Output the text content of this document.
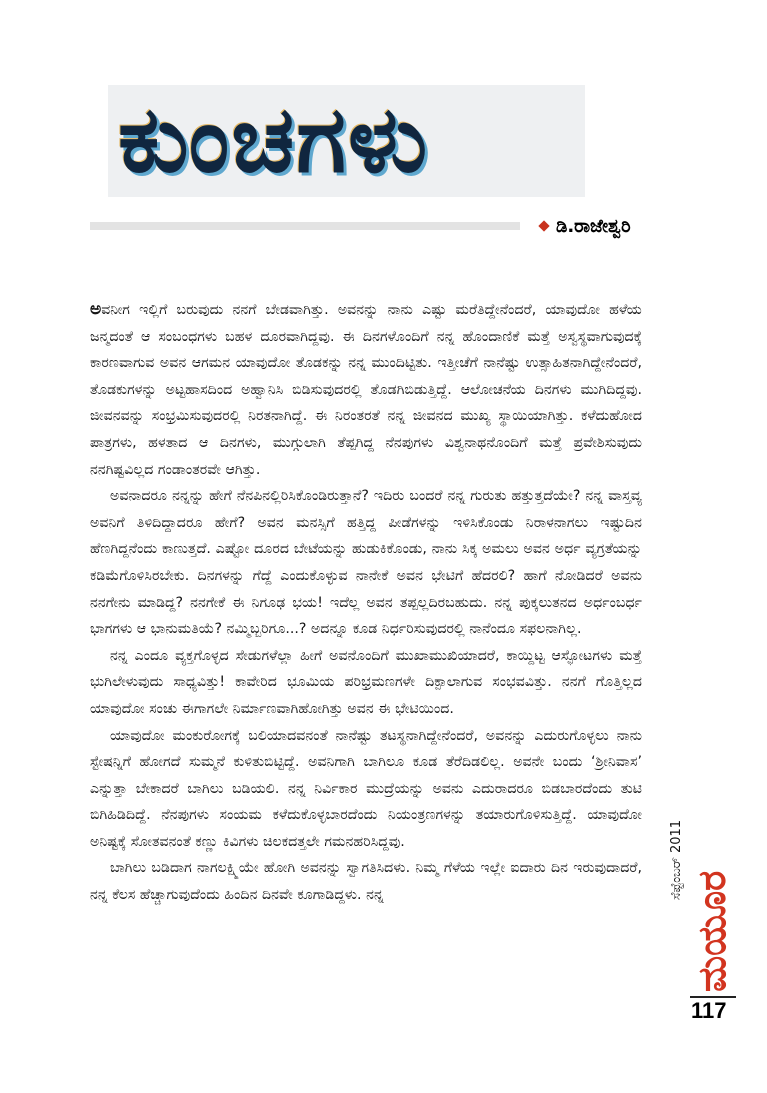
ಕುಂಚಗಳು
ಡಿ.ರಾಜೇಶ್ವರಿ

ಅವನೀಗ ಇಲ್ಲಿಗೆ ಬರುವುದು ನನಗೆ ಬೇಡವಾಗಿತ್ತು. ಅವನನ್ನು ನಾನು ಎಷ್ಟು ಮರೆತಿದ್ದೇನೆಂದರೆ, ಯಾವುದೋ ಹಳೆಯ ಜನ್ಮದಂತೆ ಆ ಸಂಬಂಧಗಳು ಬಹಳ ದೂರವಾಗಿದ್ದವು. ಈ ದಿನಗಳೊಂದಿಗೆ ನನ್ನ ಹೊಂದಾಣಿಕೆ ಮತ್ತೆ ಅಸ್ವಸ್ಥವಾಗುವುದಕ್ಕೆ ಕಾರಣವಾಗುವ ಅವನ ಆಗಮನ ಯಾವುದೋ ತೊಡಕನ್ನು ನನ್ನ ಮುಂದಿಟ್ಟಿತು. ಇತ್ತೀಚೆಗೆ ನಾನೆಷ್ಟು ಉತ್ಸಾಹಿತನಾಗಿದ್ದೇನೆಂದರೆ, ತೊಡಕುಗಳನ್ನು ಅಟ್ಟಹಾಸದಿಂದ ಅಹ್ವಾನಿಸಿ ಬಿಡಿಸುವುದರಲ್ಲಿ ತೊಡಗಿಬಿಡುತ್ತಿದ್ದೆ. ಆಲೋಚನೆಯ ದಿನಗಳು ಮುಗಿದಿದ್ದವು. ಜೀವನವನ್ನು ಸಂಭ್ರಮಿಸುವುದರಲ್ಲಿ ನಿರತನಾಗಿದ್ದೆ. ಈ ನಿರಂತರತೆ ನನ್ನ ಜೀವನದ ಮುಖ್ಯ ಸ್ಥಾಯಿಯಾಗಿತ್ತು. ಕಳೆದುಹೋದ ಪಾತ್ರಗಳು, ಹಳತಾದ ಆ ದಿನಗಳು, ಮುಗ್ಗುಲಾಗಿ ತೆಪ್ಪಗಿದ್ದ ನೆನಪುಗಳು ವಿಶ್ವನಾಥನೊಂದಿಗೆ ಮತ್ತೆ ಪ್ರವೇಶಿಸುವುದು ನನಗಿಷ್ಟವಿಲ್ಲದ ಗಂಡಾಂತರವೇ ಆಗಿತ್ತು.

ಅವನಾದರೂ ನನ್ನನ್ನು ಹೇಗೆ ನೆನಪಿನಲ್ಲಿರಿಸಿಕೊಂಡಿರುತ್ತಾನೆ? ಇದಿರು ಬಂದರೆ ನನ್ನ ಗುರುತು ಹತ್ತುತ್ತದೆಯೇ? ನನ್ನ ವಾಸ್ತವ್ಯ ಅವನಿಗೆ ತಿಳಿದಿದ್ದಾದರೂ ಹೇಗೆ? ಅವನ ಮನಸ್ಸಿಗೆ ಹತ್ತಿದ್ದ ಪೀಡೆಗಳನ್ನು ಇಳಿಸಿಕೊಂಡು ನಿರಾಳನಾಗಲು ಇಷ್ಟುದಿನ ಹೆಣಗಿದ್ದನೆಂದು ಕಾಣುತ್ತದೆ. ಎಷ್ಟೋ ದೂರದ ಬೇಟೆಯನ್ನು ಹುಡುಕಿಕೊಂಡು, ನಾನು ಸಿಕ್ಕ ಅಮಲು ಅವನ ಅರ್ಧ ವ್ಯಗ್ರತೆಯನ್ನು ಕಡಿಮೆಗೊಳಿಸಿರಬೇಕು. ದಿನಗಳನ್ನು ಗೆದ್ದೆ ಎಂದುಕೊಳ್ಳುವ ನಾನೇಕೆ ಅವನ ಭೇಟಿಗೆ ಹೆದರಲಿ? ಹಾಗೆ ನೋಡಿದರೆ ಅವನು ನನಗೇನು ಮಾಡಿದ್ದ? ನನಗೇಕೆ ಈ ನಿಗೂಢ ಭಯ! ಇದೆಲ್ಲ ಅವನ ತಪ್ಪಲ್ಲದಿರಬಹುದು. ನನ್ನ ಪುಕ್ಕಲುತನದ ಅರ್ಧಂಬರ್ಧ ಭಾಗಗಳು ಆ ಭಾನುಮತಿಯೆ? ನಮ್ಮಿಬ್ಬರಿಗೂ...? ಅದನ್ನೂ ಕೂಡ ನಿರ್ಧರಿಸುವುದರಲ್ಲಿ ನಾನೆಂದೂ ಸಫಲನಾಗಿಲ್ಲ.

ನನ್ನ ಎಂದೂ ವ್ಯಕ್ತಗೊಳ್ಳದ ಸೇಡುಗಳೆಲ್ಲಾ ಹೀಗೆ ಅವನೊಂದಿಗೆ ಮುಖಾಮುಖಿಯಾದರೆ, ಕಾಯ್ದಿಟ್ಟ ಆಸ್ಫೋಟಗಳು ಮತ್ತೆ ಭುಗಿಲೇಳುವುದು ಸಾಧ್ಯವಿತ್ತು! ಕಾವೇರಿದ ಭೂಮಿಯ ಪರಿಭ್ರಮಣಗಳೇ ದಿಕ್ಪಾಲಾಗುವ ಸಂಭವವಿತ್ತು. ನನಗೆ ಗೊತ್ತಿಲ್ಲದ ಯಾವುದೋ ಸಂಚು ಈಗಾಗಲೇ ನಿರ್ಮಾಣವಾಗಿಹೋಗಿತ್ತು ಅವನ ಈ ಭೇಟಿಯಿಂದ.

ಯಾವುದೋ ಮಂಕುರೋಗಕ್ಕೆ ಬಲಿಯಾದವನಂತೆ ನಾನೆಷ್ಟು ತಟಸ್ಥನಾಗಿದ್ದೇನೆಂದರೆ, ಅವನನ್ನು ಎದುರುಗೊಳ್ಳಲು ನಾನು ಸ್ಟೇಷನ್ನಿಗೆ ಹೋಗದೆ ಸುಮ್ಮನೆ ಕುಳಿತುಬಿಟ್ಟಿದ್ದೆ. ಅವನಿಗಾಗಿ ಬಾಗಿಲೂ ಕೂಡ ತೆರೆದಿಡಲಿಲ್ಲ. ಅವನೇ ಬಂದು ‘ಶ್ರೀನಿವಾಸ’ ಎನ್ನುತ್ತಾ ಬೇಕಾದರೆ ಬಾಗಿಲು ಬಡಿಯಲಿ. ನನ್ನ ನಿರ್ವಿಕಾರ ಮುದ್ರೆಯನ್ನು ಅವನು ಎದುರಾದರೂ ಬಿಡಬಾರದೆಂದು ತುಟಿ ಬಿಗಿಹಿಡಿದಿದ್ದೆ. ನೆನಪುಗಳು ಸಂಯಮ ಕಳೆದುಕೊಳ್ಳಬಾರದೆಂದು ನಿಯಂತ್ರಣಗಳನ್ನು ತಯಾರುಗೊಳಿಸುತ್ತಿದ್ದೆ. ಯಾವುದೋ ಅನಿಷ್ಟಕ್ಕೆ ಸೋತವನಂತೆ ಕಣ್ಣು ಕಿವಿಗಳು ಚಿಲಕದತ್ತಲೇ ಗಮನಹರಿಸಿದ್ದವು.

ಬಾಗಿಲು ಬಡಿದಾಗ ನಾಗಲಕ್ಷ್ಮಿಯೇ ಹೋಗಿ ಅವನನ್ನು ಸ್ವಾಗತಿಸಿದಳು. ನಿಮ್ಮ ಗೆಳೆಯ ಇಲ್ಲೇ ಐದಾರು ದಿನ ಇರುವುದಾದರೆ, ನನ್ನ ಕೆಲಸ ಹೆಚ್ಚಾಗುವುದೆಂದು ಹಿಂದಿನ ದಿನವೇ ಕೂಗಾಡಿದ್ದಳು. ನನ್ನ	ಸೆಪ್ಟೆಂಬರ್ 2011
ಮಯೂರ
117
